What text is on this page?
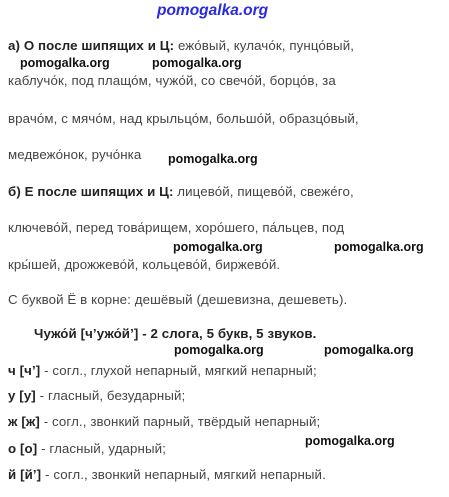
pomogalka.org
а) О после шипящих и Ц: ежо́вый, кулачо́к, пунцо́вый,
pomogalka.org	pomogalka.org
каблучо́к, под плащо́м, чужо́й, со свечо́й, борцо́в, за
врачо́м, с мячо́м, над крыльцо́м, большо́й, образцо́вый,
медвежо́нок, ручо́нка pomogalka.org
б) Е после шипящих и Ц: лицево́й, пищево́й, свеже́го,
ключево́й, перед това́рищем, хоро́шего, па́льцев, под
pomogalka.org	pomogalka.org
кры́шей, дрожжево́й, кольцево́й, биржево́й.
С буквой Ё в корне: дешёвый (дешевизна, дешеветь).
Чужо́й [ч’ужо́й’] - 2 слога, 5 букв, 5 звуков.
pomogalka.org	pomogalka.org
ч [ч’] - согл., глухой непарный, мягкий непарный;
у [у] - гласный, безударный;
ж [ж] - согл., звонкий парный, твёрдый непарный;
о [о] - гласный, ударный;	pomogalka.org
й [й’] - согл., звонкий непарный, мягкий непарный.
